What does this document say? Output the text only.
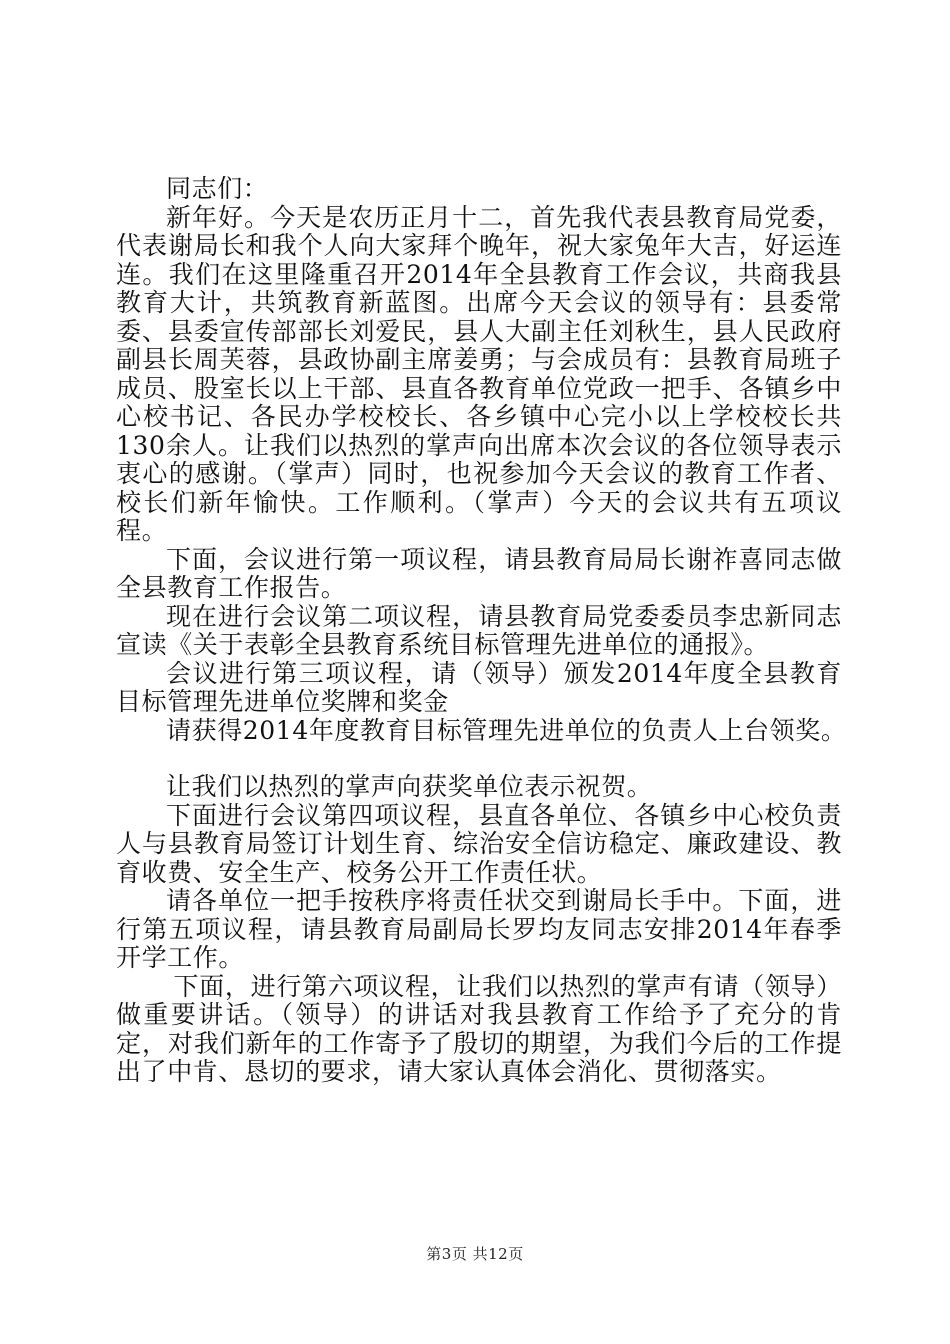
同志们：

新年好。今天是农历正月十二，首先我代表县教育局党委，代表谢局长和我个人向大家拜个晚年，祝大家兔年大吉，好运连连。我们在这里隆重召开2014年全县教育工作会议，共商我县教育大计，共筑教育新蓝图。出席今天会议的领导有：县委常委、县委宣传部部长刘爱民，县人大副主任刘秋生，县人民政府副县长周芙蓉，县政协副主席姜勇；与会成员有：县教育局班子成员、股室长以上干部、县直各教育单位党政一把手、各镇乡中心校书记、各民办学校校长、各乡镇中心完小以上学校校长共130余人。让我们以热烈的掌声向出席本次会议的各位领导表示衷心的感谢。（掌声）同时，也祝参加今天会议的教育工作者、校长们新年愉快。工作顺利。（掌声）今天的会议共有五项议程。

下面，会议进行第一项议程，请县教育局局长谢祚喜同志做全县教育工作报告。

现在进行会议第二项议程，请县教育局党委委员李忠新同志宣读《关于表彰全县教育系统目标管理先进单位的通报》。

会议进行第三项议程，请（领导）颁发2014年度全县教育目标管理先进单位奖牌和奖金

请获得2014年度教育目标管理先进单位的负责人上台领奖。

让我们以热烈的掌声向获奖单位表示祝贺。

下面进行会议第四项议程，县直各单位、各镇乡中心校负责人与县教育局签订计划生育、综治安全信访稳定、廉政建设、教育收费、安全生产、校务公开工作责任状。

请各单位一把手按秩序将责任状交到谢局长手中。下面，进行第五项议程，请县教育局副局长罗均友同志安排2014年春季开学工作。

下面，进行第六项议程，让我们以热烈的掌声有请（领导）做重要讲话。（领导）的讲话对我县教育工作给予了充分的肯定，对我们新年的工作寄予了殷切的期望，为我们今后的工作提出了中肯、恳切的要求，请大家认真体会消化、贯彻落实。

第3页 共12页
